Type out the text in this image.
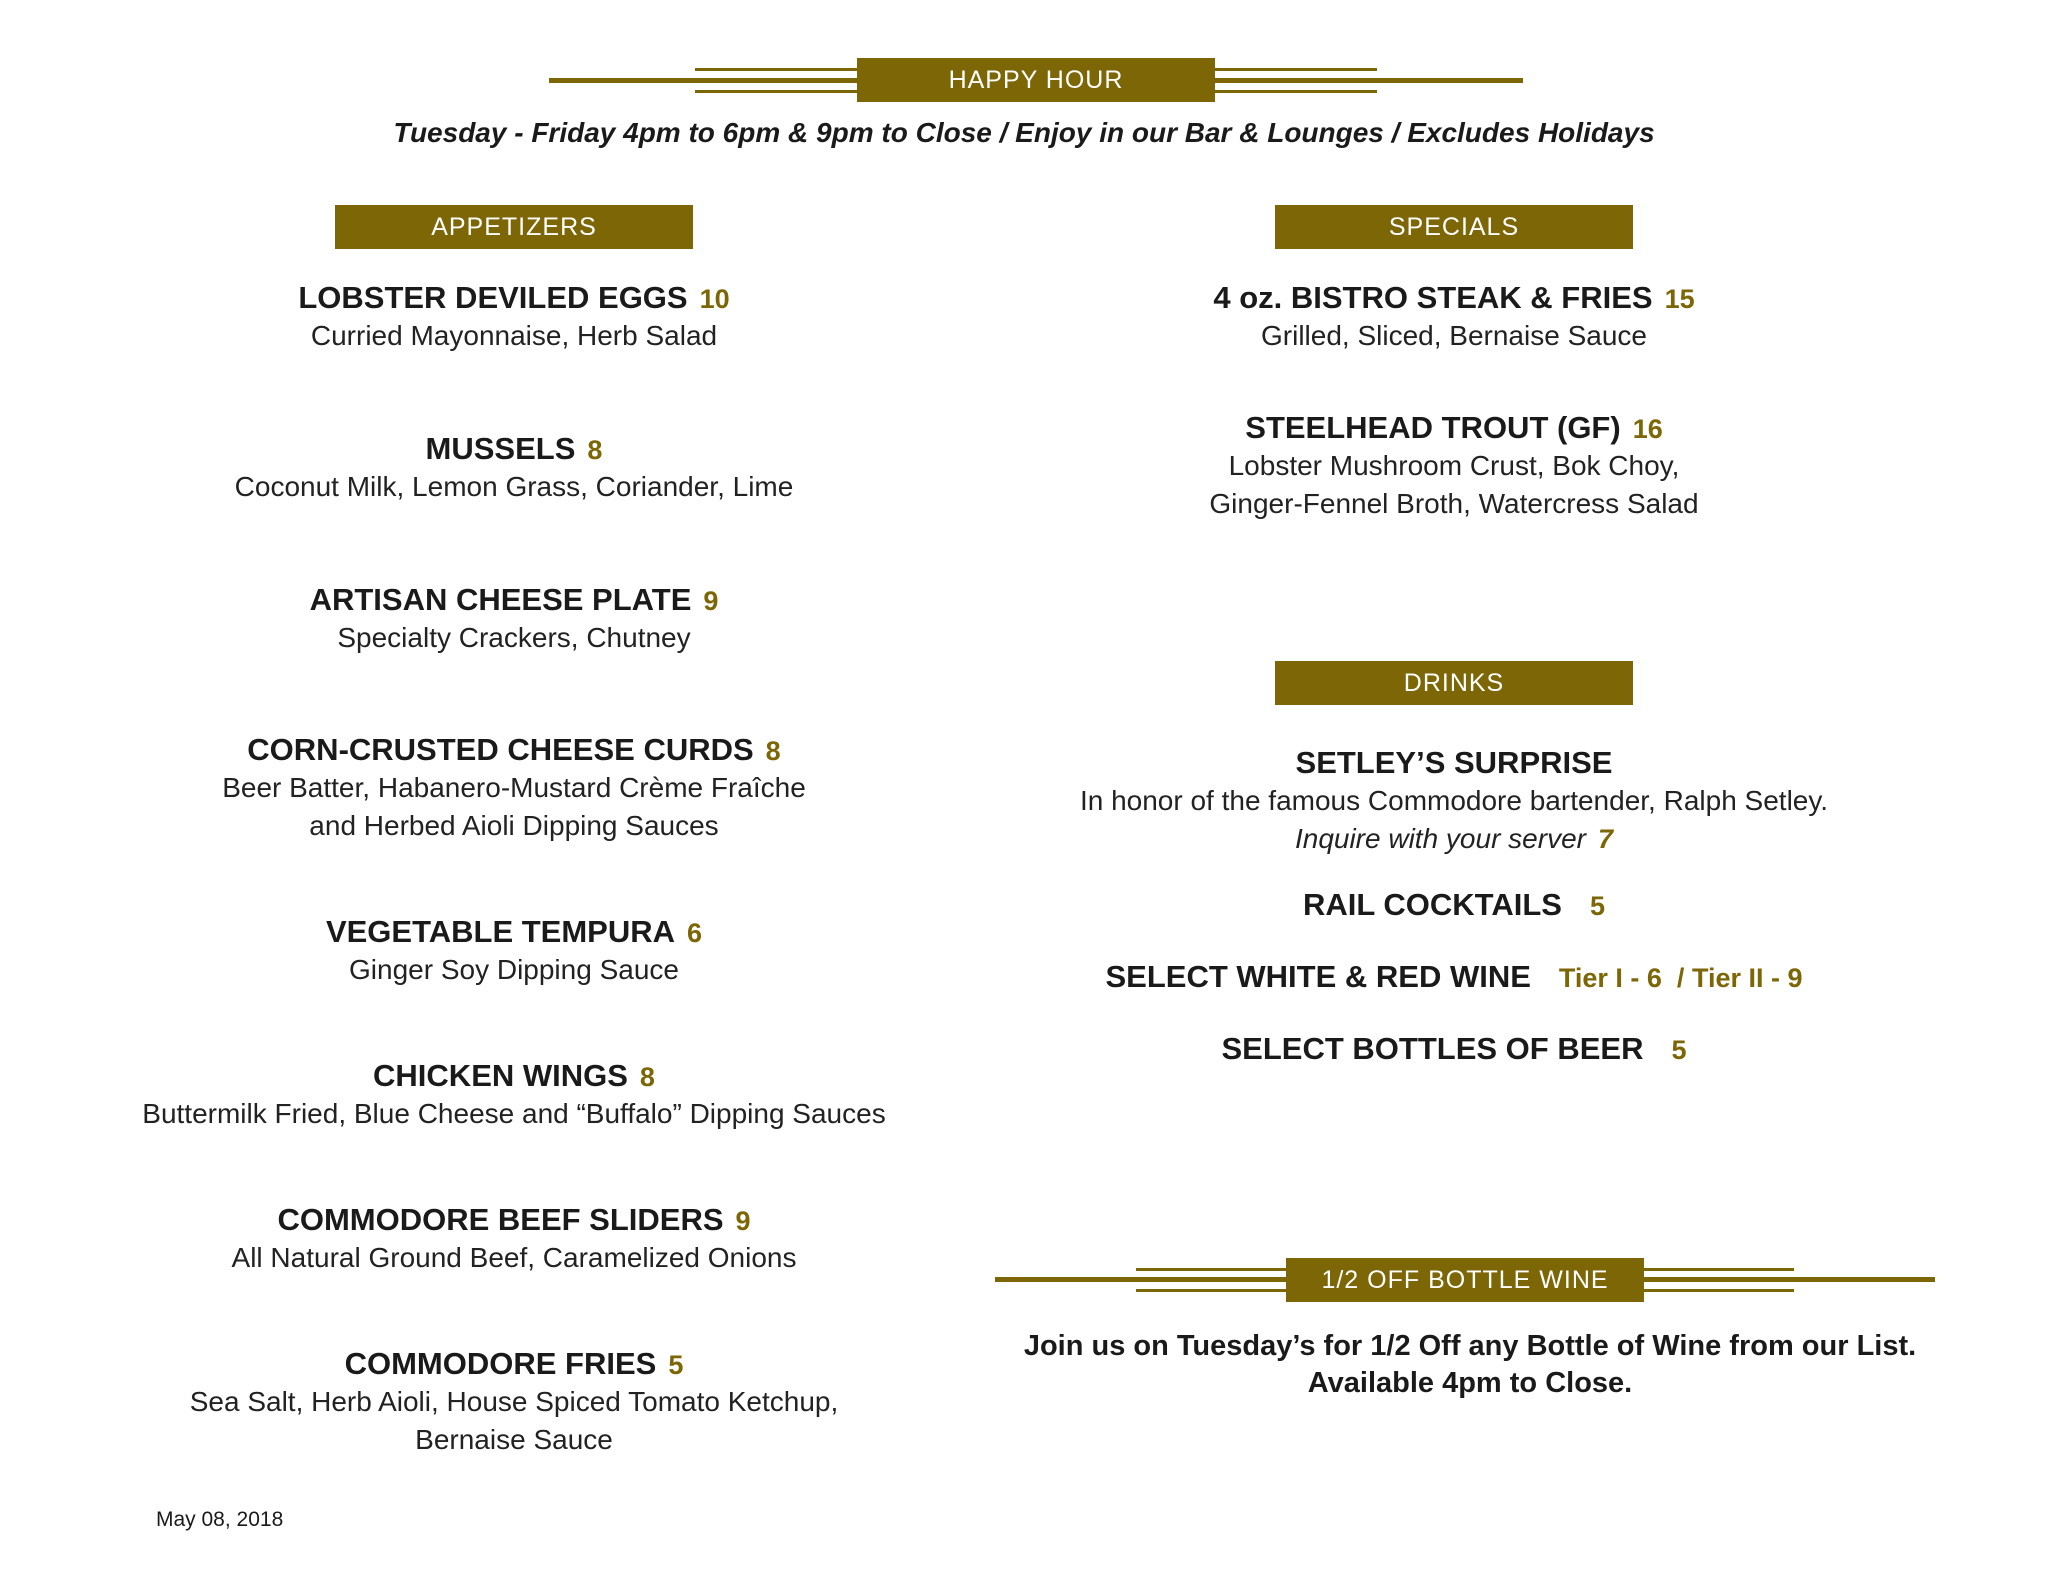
HAPPY HOUR
Tuesday - Friday 4pm to 6pm & 9pm to Close / Enjoy in our Bar & Lounges / Excludes Holidays
APPETIZERS
LOBSTER DEVILED EGGS 10
Curried Mayonnaise, Herb Salad
MUSSELS 8
Coconut Milk, Lemon Grass, Coriander, Lime
ARTISAN CHEESE PLATE 9
Specialty Crackers, Chutney
CORN-CRUSTED CHEESE CURDS 8
Beer Batter, Habanero-Mustard Crème Fraîche
and Herbed Aioli Dipping Sauces
VEGETABLE TEMPURA 6
Ginger Soy Dipping Sauce
CHICKEN WINGS 8
Buttermilk Fried, Blue Cheese and “Buffalo” Dipping Sauces
COMMODORE BEEF SLIDERS 9
All Natural Ground Beef, Caramelized Onions
COMMODORE FRIES 5
Sea Salt, Herb Aioli, House Spiced Tomato Ketchup,
Bernaise Sauce
SPECIALS
4 oz. BISTRO STEAK & FRIES 15
Grilled, Sliced, Bernaise Sauce
STEELHEAD TROUT (GF) 16
Lobster Mushroom Crust, Bok Choy,
Ginger-Fennel Broth, Watercress Salad
DRINKS
SETLEY’S SURPRISE
In honor of the famous Commodore bartender, Ralph Setley.
Inquire with your server 7
RAIL COCKTAILS 5
SELECT WHITE & RED WINE Tier I - 6  / Tier II - 9
SELECT BOTTLES OF BEER 5
1/2 OFF BOTTLE WINE
Join us on Tuesday’s for 1/2 Off any Bottle of Wine from our List.
Available 4pm to Close.
May 08, 2018
